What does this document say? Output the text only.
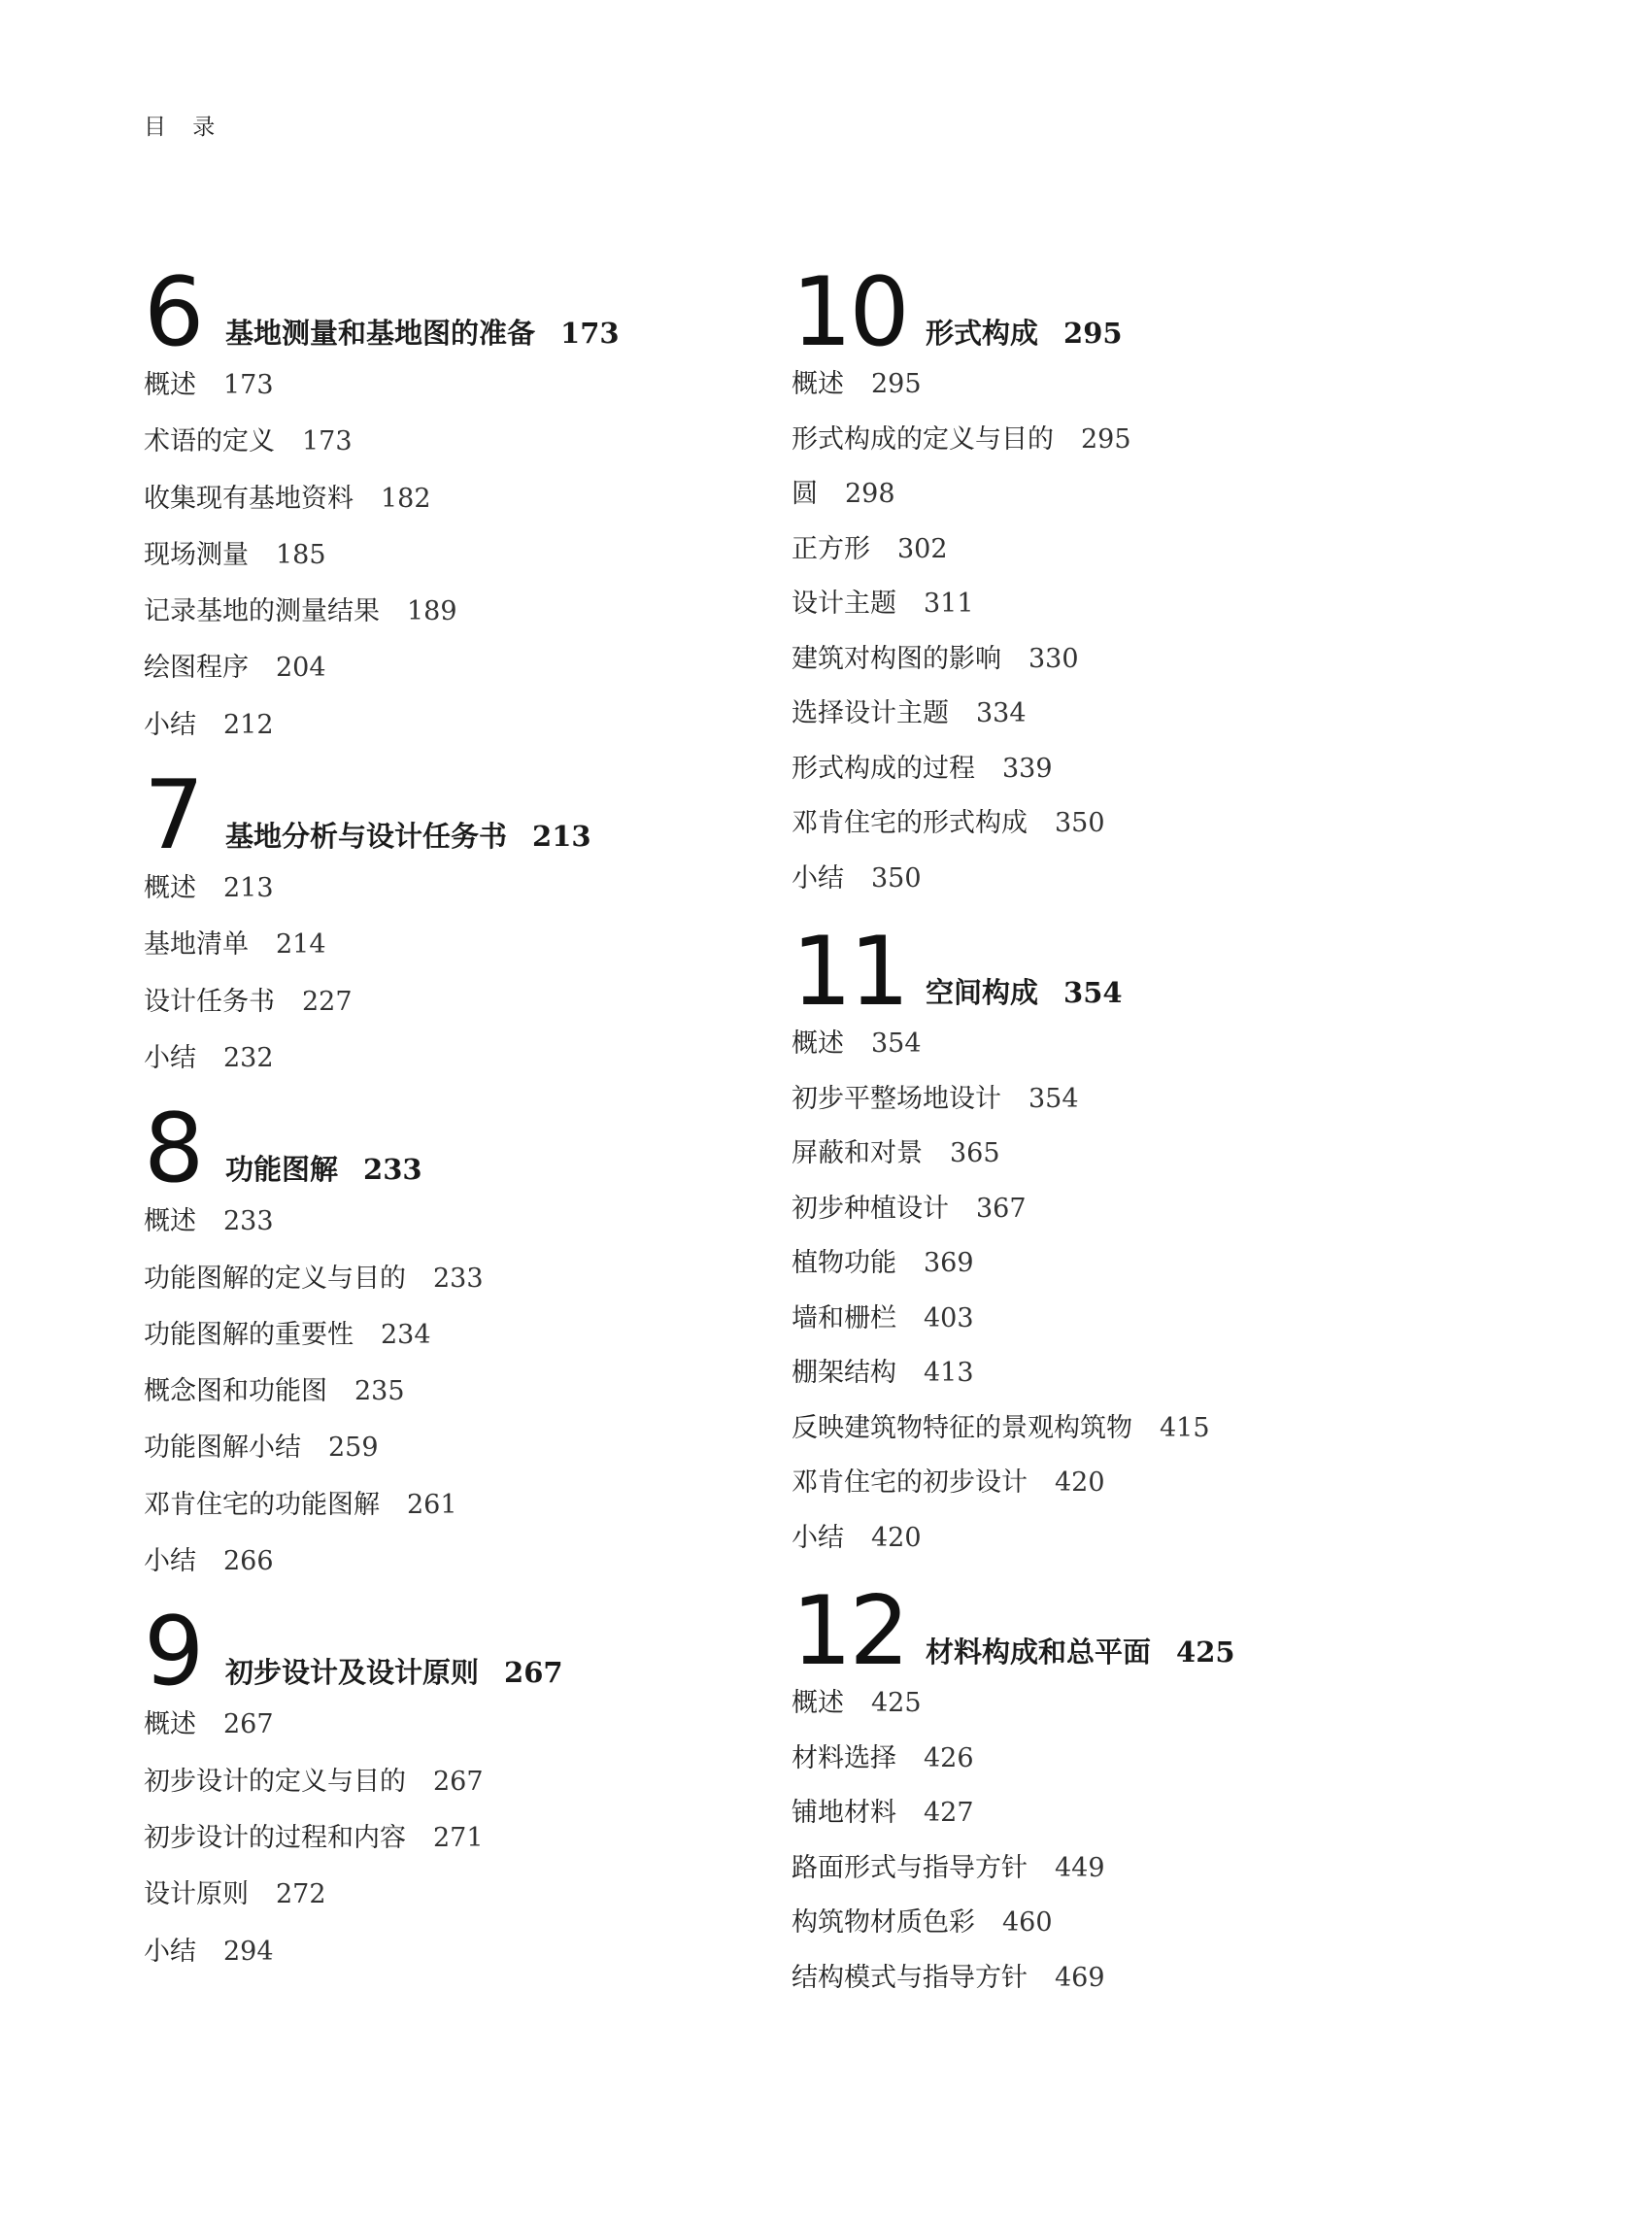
目 录
6 基地测量和基地图的准备 173
概述 173
术语的定义 173
收集现有基地资料 182
现场测量 185
记录基地的测量结果 189
绘图程序 204
小结 212
7 基地分析与设计任务书 213
概述 213
基地清单 214
设计任务书 227
小结 232
8 功能图解 233
概述 233
功能图解的定义与目的 233
功能图解的重要性 234
概念图和功能图 235
功能图解小结 259
邓肯住宅的功能图解 261
小结 266
9 初步设计及设计原则 267
概述 267
初步设计的定义与目的 267
初步设计的过程和内容 271
设计原则 272
小结 294
10 形式构成 295
概述 295
形式构成的定义与目的 295
圆 298
正方形 302
设计主题 311
建筑对构图的影响 330
选择设计主题 334
形式构成的过程 339
邓肯住宅的形式构成 350
小结 350
11 空间构成 354
概述 354
初步平整场地设计 354
屏蔽和对景 365
初步种植设计 367
植物功能 369
墙和栅栏 403
棚架结构 413
反映建筑物特征的景观构筑物 415
邓肯住宅的初步设计 420
小结 420
12 材料构成和总平面 425
概述 425
材料选择 426
铺地材料 427
路面形式与指导方针 449
构筑物材质色彩 460
结构模式与指导方针 469
